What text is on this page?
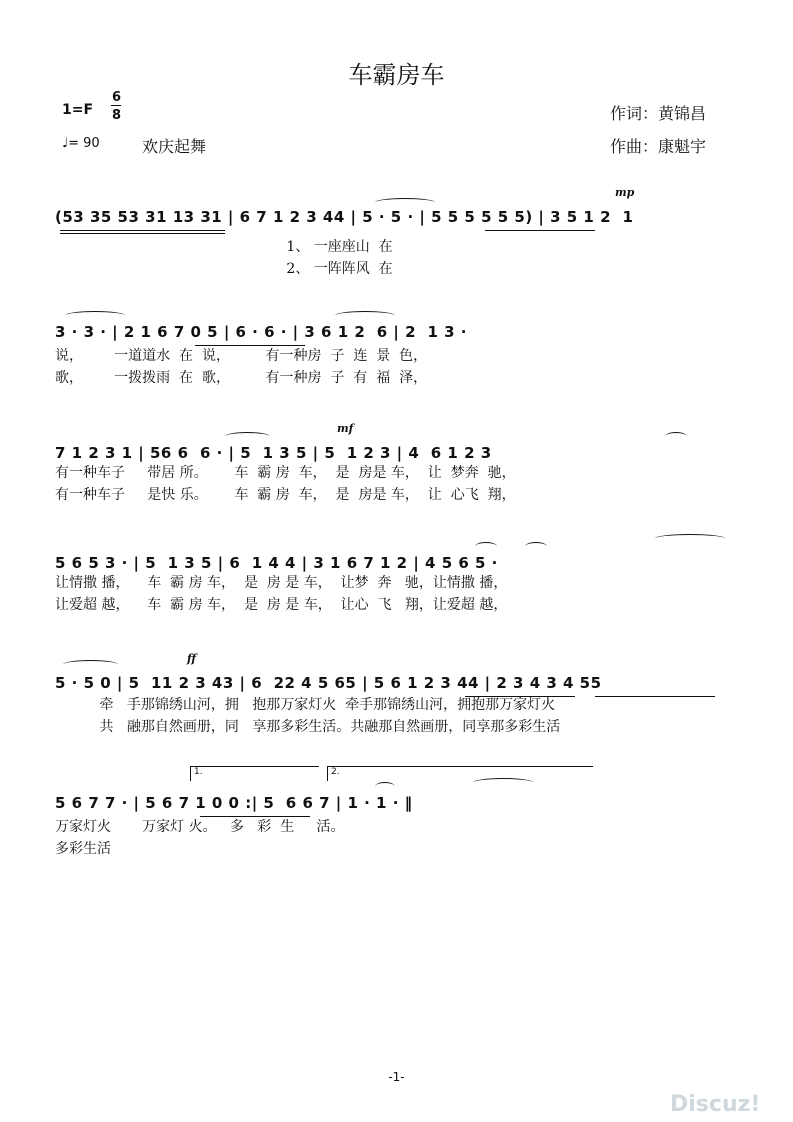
车霸房车
1=F
6
8
♩= 90	欢庆起舞
作词：黄锦昌
作曲：康魁宇
mp
(53 35 53 31 13 31 | 6 7 1 2 3 44 | 5 · 5 · | 5 5 5 5 5 5) | 3 5 1 2  1
1、 一座座山  在
2、 一阵阵风  在
3 · 3 · | 2 1 6 7 0 5 | 6 · 6 · | 3 6 1 2  6 | 2  1 3 ·
说，       一道道水  在  说，        有一种房  子  连  景  色，
歌，       一拨拨雨  在  歌，        有一种房  子  有  福  泽，
mf
7 1 2 3 1 | 56 6  6 · | 5  1 3 5 | 5  1 2 3 | 4  6 1 2 3
有一种车子     带居 所。      车  霸 房  车，  是  房是 车，  让  梦奔  驰，
有一种车子     是快 乐。      车  霸 房  车，  是  房是 车，  让  心飞  翔，
5 6 5 3 · | 5  1 3 5 | 6  1 4 4 | 3 1 6 7 1 2 | 4 5 6 5 ·
让情撒 播，    车  霸 房 车，  是  房 是 车，  让梦  奔   驰，让情撒 播，
让爱超 越，    车  霸 房 车，  是  房 是 车，  让心  飞   翔，让爱超 越，
ff
5 · 5 0 | 5  11 2 3 43 | 6  22 4 5 65 | 5 6 1 2 3 44 | 2 3 4 3 4 55
牵   手那锦绣山河，拥   抱那万家灯火  牵手那锦绣山河，拥抱那万家灯火
共   融那自然画册，同   享那多彩生活。共融那自然画册，同享那多彩生活
1.	2.
5 6 7 7 · | 5 6 7 1 0 0 :| 5  6 6 7 | 1 · 1 · ‖
万家灯火       万家灯 火。   多   彩  生     活。
多彩生活
-1-
Discuz!
